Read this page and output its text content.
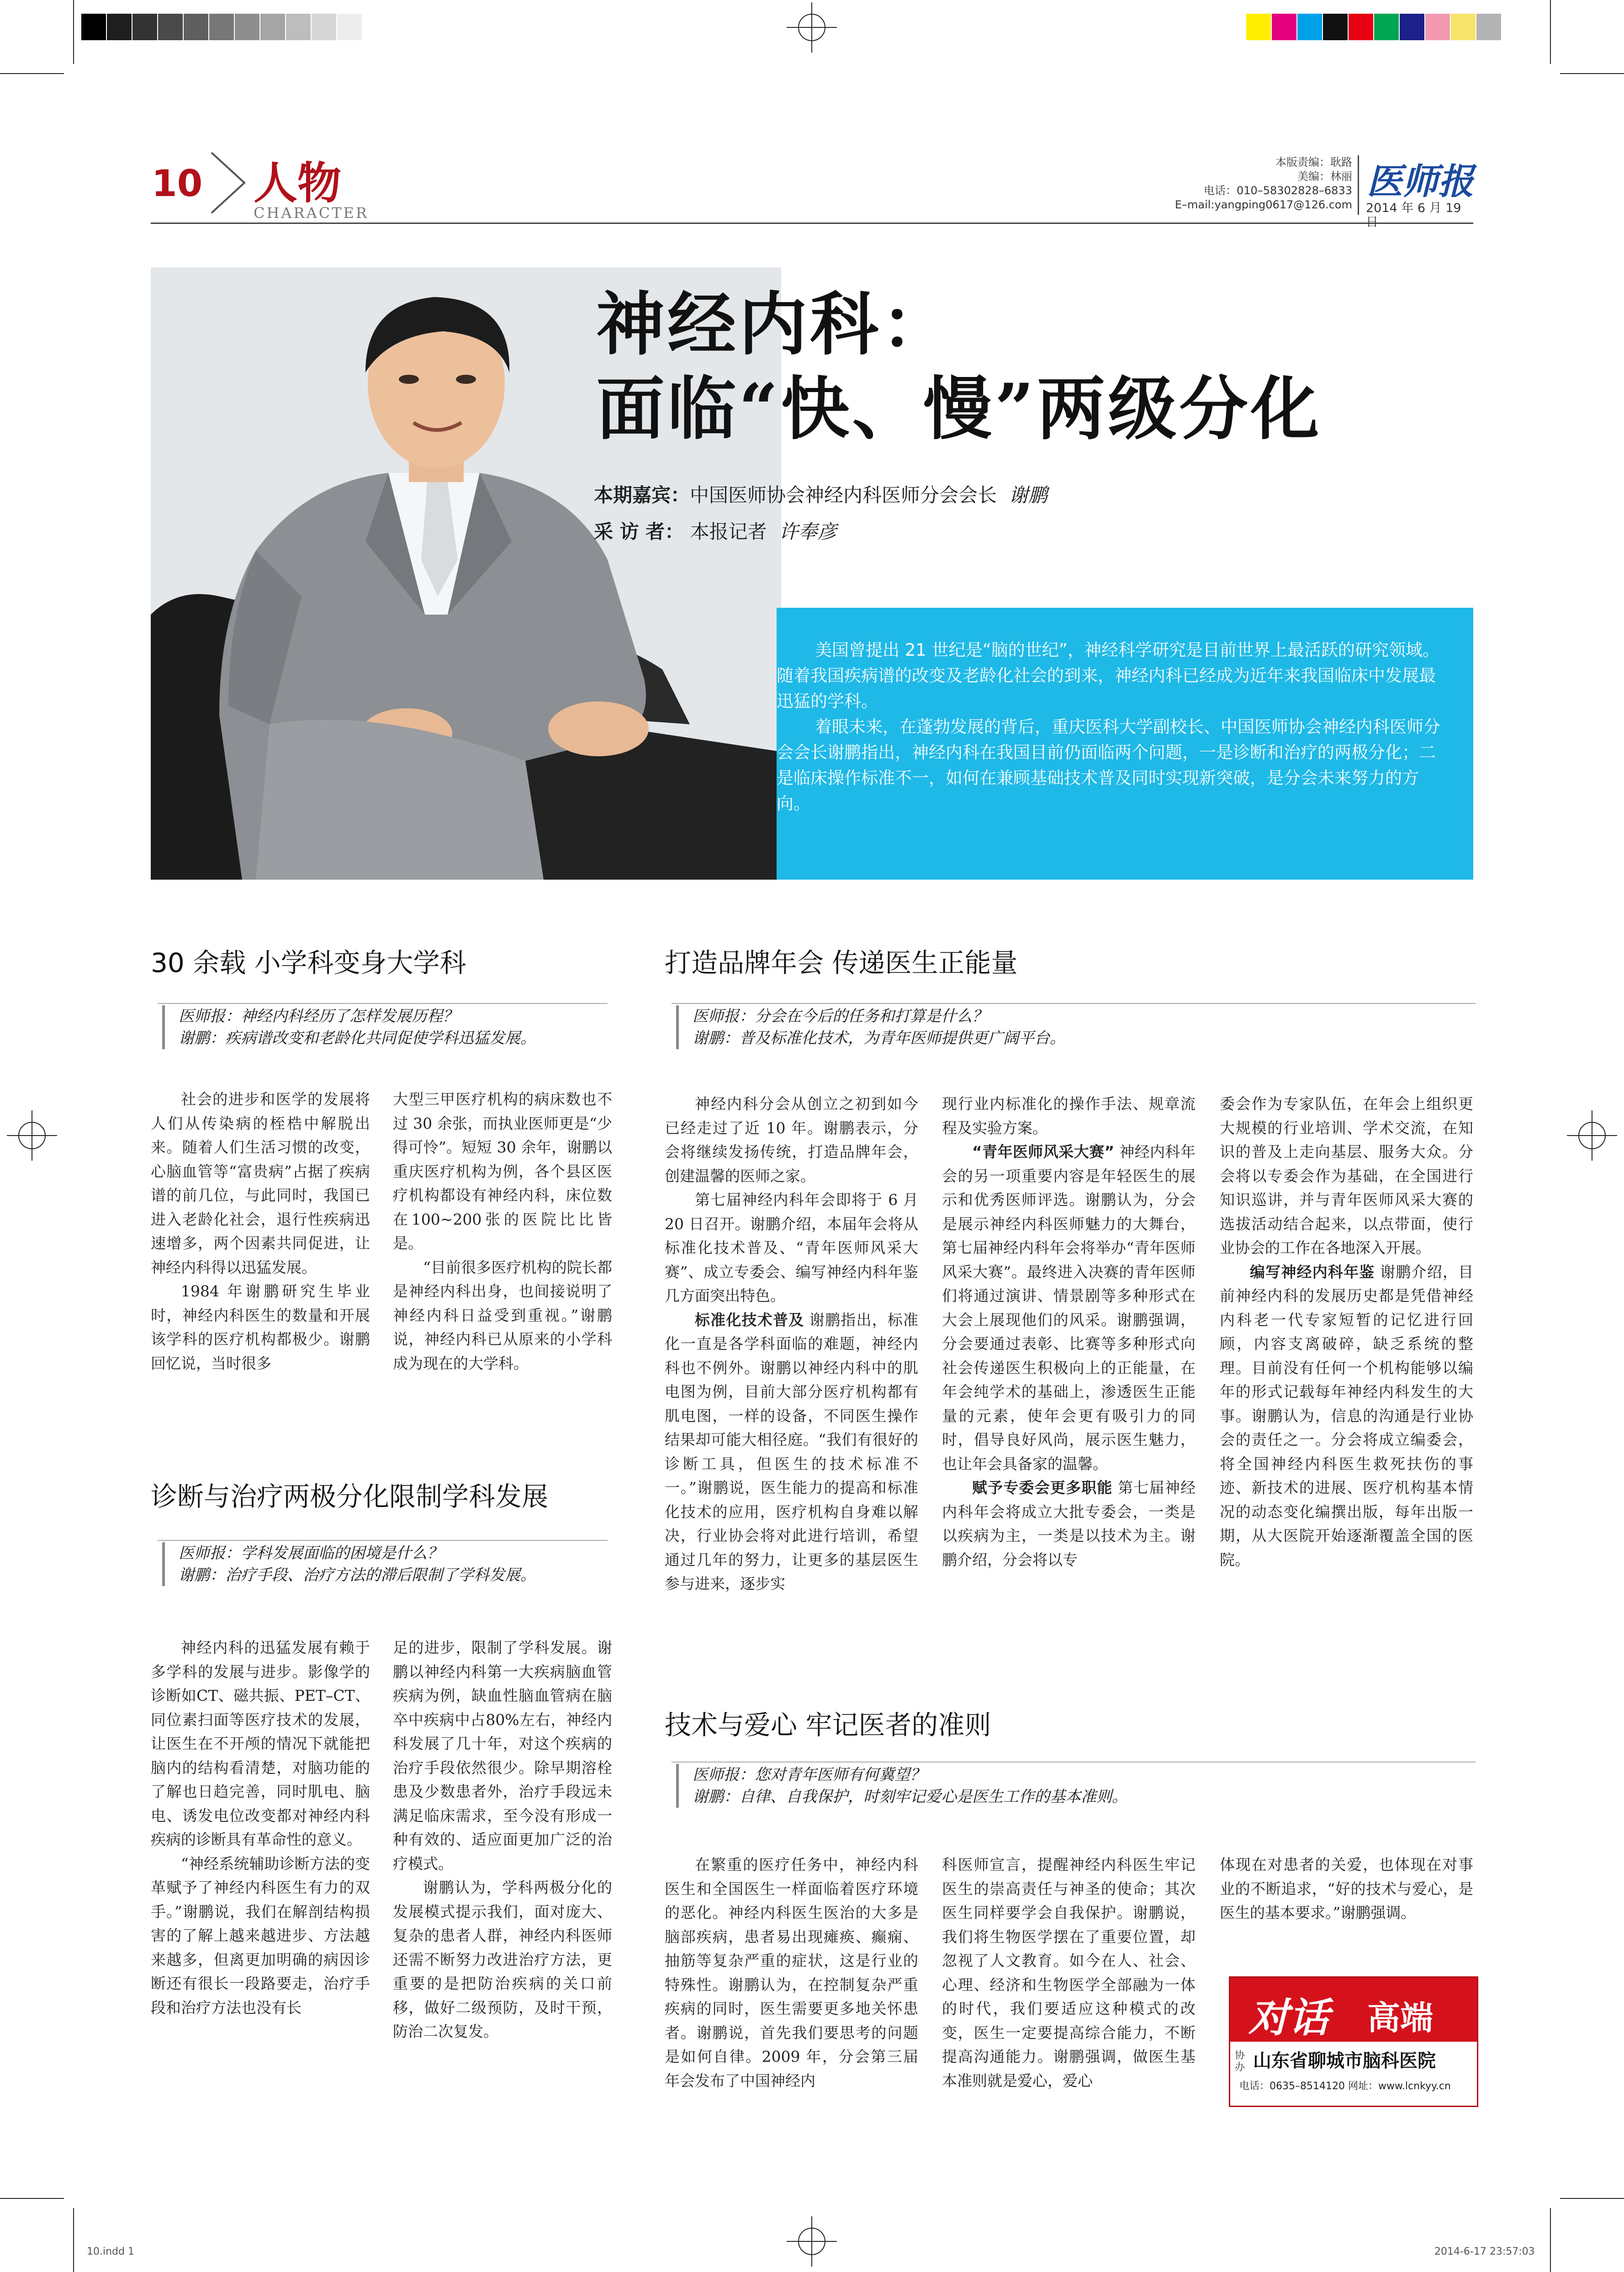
10 人物
CHARACTER
本版责编：耿路
美编：林丽
电话：010–58302828–6833
E–mail:yangping0617@126.com
医师报
2014 年 6 月 19 日
神经内科：
面临“快、慢”两级分化
本期嘉宾：中国医师协会神经内科医师分会会长 谢鹏
采 访 者： 本报记者 许奉彦

美国曾提出 21 世纪是“脑的世纪”，神经科学研究是目前世界上最活跃的研究领域。随着我国疾病谱的改变及老龄化社会的到来，神经内科已经成为近年来我国临床中发展最迅猛的学科。

着眼未来，在蓬勃发展的背后，重庆医科大学副校长、中国医师协会神经内科医师分会会长谢鹏指出，神经内科在我国目前仍面临两个问题，一是诊断和治疗的两极分化；二是临床操作标准不一，如何在兼顾基础技术普及同时实现新突破，是分会未来努力的方向。

30 余载 小学科变身大学科
医师报：神经内科经历了怎样发展历程？
谢鹏：疾病谱改变和老龄化共同促使学科迅猛发展。

社会的进步和医学的发展将人们从传染病的桎梏中解脱出来。随着人们生活习惯的改变，心脑血管等“富贵病”占据了疾病谱的前几位，与此同时，我国已进入老龄化社会，退行性疾病迅速增多，两个因素共同促进，让神经内科得以迅猛发展。

1984 年谢鹏研究生毕业时，神经内科医生的数量和开展该学科的医疗机构都极少。谢鹏回忆说，当时很多

大型三甲医疗机构的病床数也不过 30 余张，而执业医师更是“少得可怜”。短短 30 余年，谢鹏以重庆医疗机构为例，各个县区医疗机构都设有神经内科，床位数在100~200张的医院比比皆是。

“目前很多医疗机构的院长都是神经内科出身，也间接说明了神经内科日益受到重视。”谢鹏说，神经内科已从原来的小学科成为现在的大学科。

诊断与治疗两极分化限制学科发展
医师报：学科发展面临的困境是什么？
谢鹏：治疗手段、治疗方法的滞后限制了学科发展。

神经内科的迅猛发展有赖于多学科的发展与进步。影像学的诊断如CT、磁共振、PET–CT、同位素扫面等医疗技术的发展，让医生在不开颅的情况下就能把脑内的结构看清楚，对脑功能的了解也日趋完善，同时肌电、脑电、诱发电位改变都对神经内科疾病的诊断具有革命性的意义。

“神经系统辅助诊断方法的变革赋予了神经内科医生有力的双手。”谢鹏说，我们在解剖结构损害的了解上越来越进步、方法越来越多，但离更加明确的病因诊断还有很长一段路要走，治疗手段和治疗方法也没有长

足的进步，限制了学科发展。谢鹏以神经内科第一大疾病脑血管疾病为例，缺血性脑血管病在脑卒中疾病中占80%左右，神经内科发展了几十年，对这个疾病的治疗手段依然很少。除早期溶栓患及少数患者外，治疗手段远未满足临床需求，至今没有形成一种有效的、适应面更加广泛的治疗模式。

谢鹏认为，学科两极分化的发展模式提示我们，面对庞大、复杂的患者人群，神经内科医师还需不断努力改进治疗方法，更重要的是把防治疾病的关口前移，做好二级预防，及时干预，防治二次复发。

打造品牌年会 传递医生正能量
医师报：分会在今后的任务和打算是什么？
谢鹏：普及标准化技术，为青年医师提供更广阔平台。

神经内科分会从创立之初到如今已经走过了近 10 年。谢鹏表示，分会将继续发扬传统，打造品牌年会，创建温馨的医师之家。

第七届神经内科年会即将于 6 月 20 日召开。谢鹏介绍，本届年会将从标准化技术普及、“青年医师风采大赛”、成立专委会、编写神经内科年鉴几方面突出特色。

标准化技术普及 谢鹏指出，标准化一直是各学科面临的难题，神经内科也不例外。谢鹏以神经内科中的肌电图为例，目前大部分医疗机构都有肌电图，一样的设备，不同医生操作结果却可能大相径庭。“我们有很好的诊断工具，但医生的技术标准不一。”谢鹏说，医生能力的提高和标准化技术的应用，医疗机构自身难以解决，行业协会将对此进行培训，希望通过几年的努力，让更多的基层医生参与进来，逐步实

现行业内标准化的操作手法、规章流程及实验方案。

“青年医师风采大赛” 神经内科年会的另一项重要内容是年轻医生的展示和优秀医师评选。谢鹏认为，分会是展示神经内科医师魅力的大舞台，第七届神经内科年会将举办“青年医师风采大赛”。最终进入决赛的青年医师们将通过演讲、情景剧等多种形式在大会上展现他们的风采。谢鹏强调，分会要通过表彰、比赛等多种形式向社会传递医生积极向上的正能量，在年会纯学术的基础上，渗透医生正能量的元素，使年会更有吸引力的同时，倡导良好风尚，展示医生魅力，也让年会具备家的温馨。

赋予专委会更多职能 第七届神经内科年会将成立大批专委会，一类是以疾病为主，一类是以技术为主。谢鹏介绍，分会将以专

委会作为专家队伍，在年会上组织更大规模的行业培训、学术交流，在知识的普及上走向基层、服务大众。分会将以专委会作为基础，在全国进行知识巡讲，并与青年医师风采大赛的选拔活动结合起来，以点带面，使行业协会的工作在各地深入开展。

编写神经内科年鉴 谢鹏介绍，目前神经内科的发展历史都是凭借神经内科老一代专家短暂的记忆进行回顾，内容支离破碎，缺乏系统的整理。目前没有任何一个机构能够以编年的形式记载每年神经内科发生的大事。谢鹏认为，信息的沟通是行业协会的责任之一。分会将成立编委会，将全国神经内科医生救死扶伤的事迹、新技术的进展、医疗机构基本情况的动态变化编撰出版，每年出版一期，从大医院开始逐渐覆盖全国的医院。

技术与爱心 牢记医者的准则
医师报：您对青年医师有何冀望？
谢鹏：自律、自我保护，时刻牢记爱心是医生工作的基本准则。

在繁重的医疗任务中，神经内科医生和全国医生一样面临着医疗环境的恶化。神经内科医生医治的大多是脑部疾病，患者易出现瘫痪、癫痫、抽筋等复杂严重的症状，这是行业的特殊性。谢鹏认为，在控制复杂严重疾病的同时，医生需要更多地关怀患者。谢鹏说，首先我们要思考的问题是如何自律。2009 年，分会第三届年会发布了中国神经内

科医师宣言，提醒神经内科医生牢记医生的崇高责任与神圣的使命；其次医生同样要学会自我保护。谢鹏说，我们将生物医学摆在了重要位置，却忽视了人文教育。如今在人、社会、心理、经济和生物医学全部融为一体的时代，我们要适应这种模式的改变，医生一定要提高综合能力，不断提高沟通能力。谢鹏强调，做医生基本准则就是爱心，爱心

体现在对患者的关爱，也体现在对事业的不断追求，“好的技术与爱心，是医生的基本要求。”谢鹏强调。

对话 高端
协办 山东省聊城市脑科医院
电话：0635–8514120 网址：www.lcnkyy.cn
10.indd 1	2014-6-17 23:57:03
